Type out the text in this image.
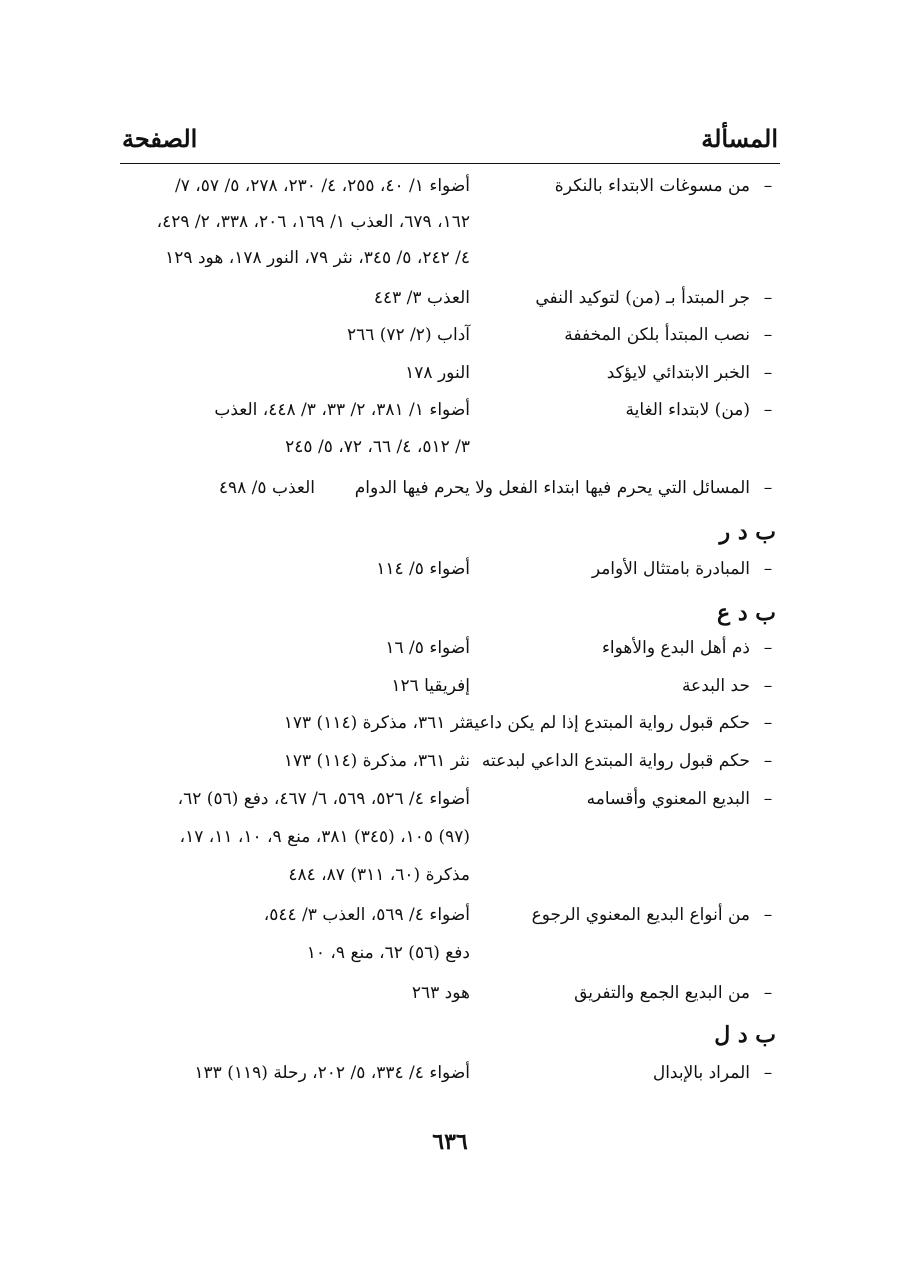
المسألة
الصفحة
–
من مسوغات الابتداء بالنكرة
أضواء ١/ ٤٠، ٢٥٥، ٤/ ٢٣٠، ٢٧٨، ٥/ ٥٧، ٧/
١٦٢، ٦٧٩، العذب ١/ ١٦٩، ٢٠٦، ٣٣٨، ٢/ ٤٢٩،
٤/ ٢٤٢، ٥/ ٣٤٥، نثر ٧٩، النور ١٧٨، هود ١٢٩
–
جر المبتدأ بـ (من) لتوكيد النفي
العذب ٣/ ٤٤٣
–
نصب المبتدأ بلكن المخففة
آداب (٢/ ٧٢) ٢٦٦
–
الخبر الابتدائي لايؤكد
النور ١٧٨
–
(من) لابتداء الغاية
أضواء ١/ ٣٨١، ٢/ ٣٣، ٣/ ٤٤٨، العذب
٣/ ٥١٢، ٤/ ٦٦، ٧٢، ٥/ ٢٤٥
–
المسائل التي يحرم فيها ابتداء الفعل ولا يحرم فيها الدوام
العذب ٥/ ٤٩٨
ب د ر
–
المبادرة بامتثال الأوامر
أضواء ٥/ ١١٤
ب د ع
–
ذم أهل البدع والأهواء
أضواء ٥/ ١٦
–
حد البدعة
إفريقيا ١٢٦
–
حكم قبول رواية المبتدع إذا لم يكن داعية
نثر ٣٦١، مذكرة (١١٤) ١٧٣
–
حكم قبول رواية المبتدع الداعي لبدعته
نثر ٣٦١، مذكرة (١١٤) ١٧٣
–
البديع المعنوي وأقسامه
أضواء ٤/ ٥٢٦، ٥٦٩، ٦/ ٤٦٧، دفع (٥٦) ٦٢،
(٩٧) ١٠٥، (٣٤٥) ٣٨١، منع ٩، ١٠، ١١، ١٧،
مذكرة (٦٠، ٣١١) ٨٧، ٤٨٤
–
من أنواع البديع المعنوي الرجوع
أضواء ٤/ ٥٦٩، العذب ٣/ ٥٤٤،
دفع (٥٦) ٦٢، منع ٩، ١٠
–
من البديع الجمع والتفريق
هود ٢٦٣
ب د ل
–
المراد بالإبدال
أضواء ٤/ ٣٣٤، ٥/ ٢٠٢، رحلة (١١٩) ١٣٣
٦٣٦
